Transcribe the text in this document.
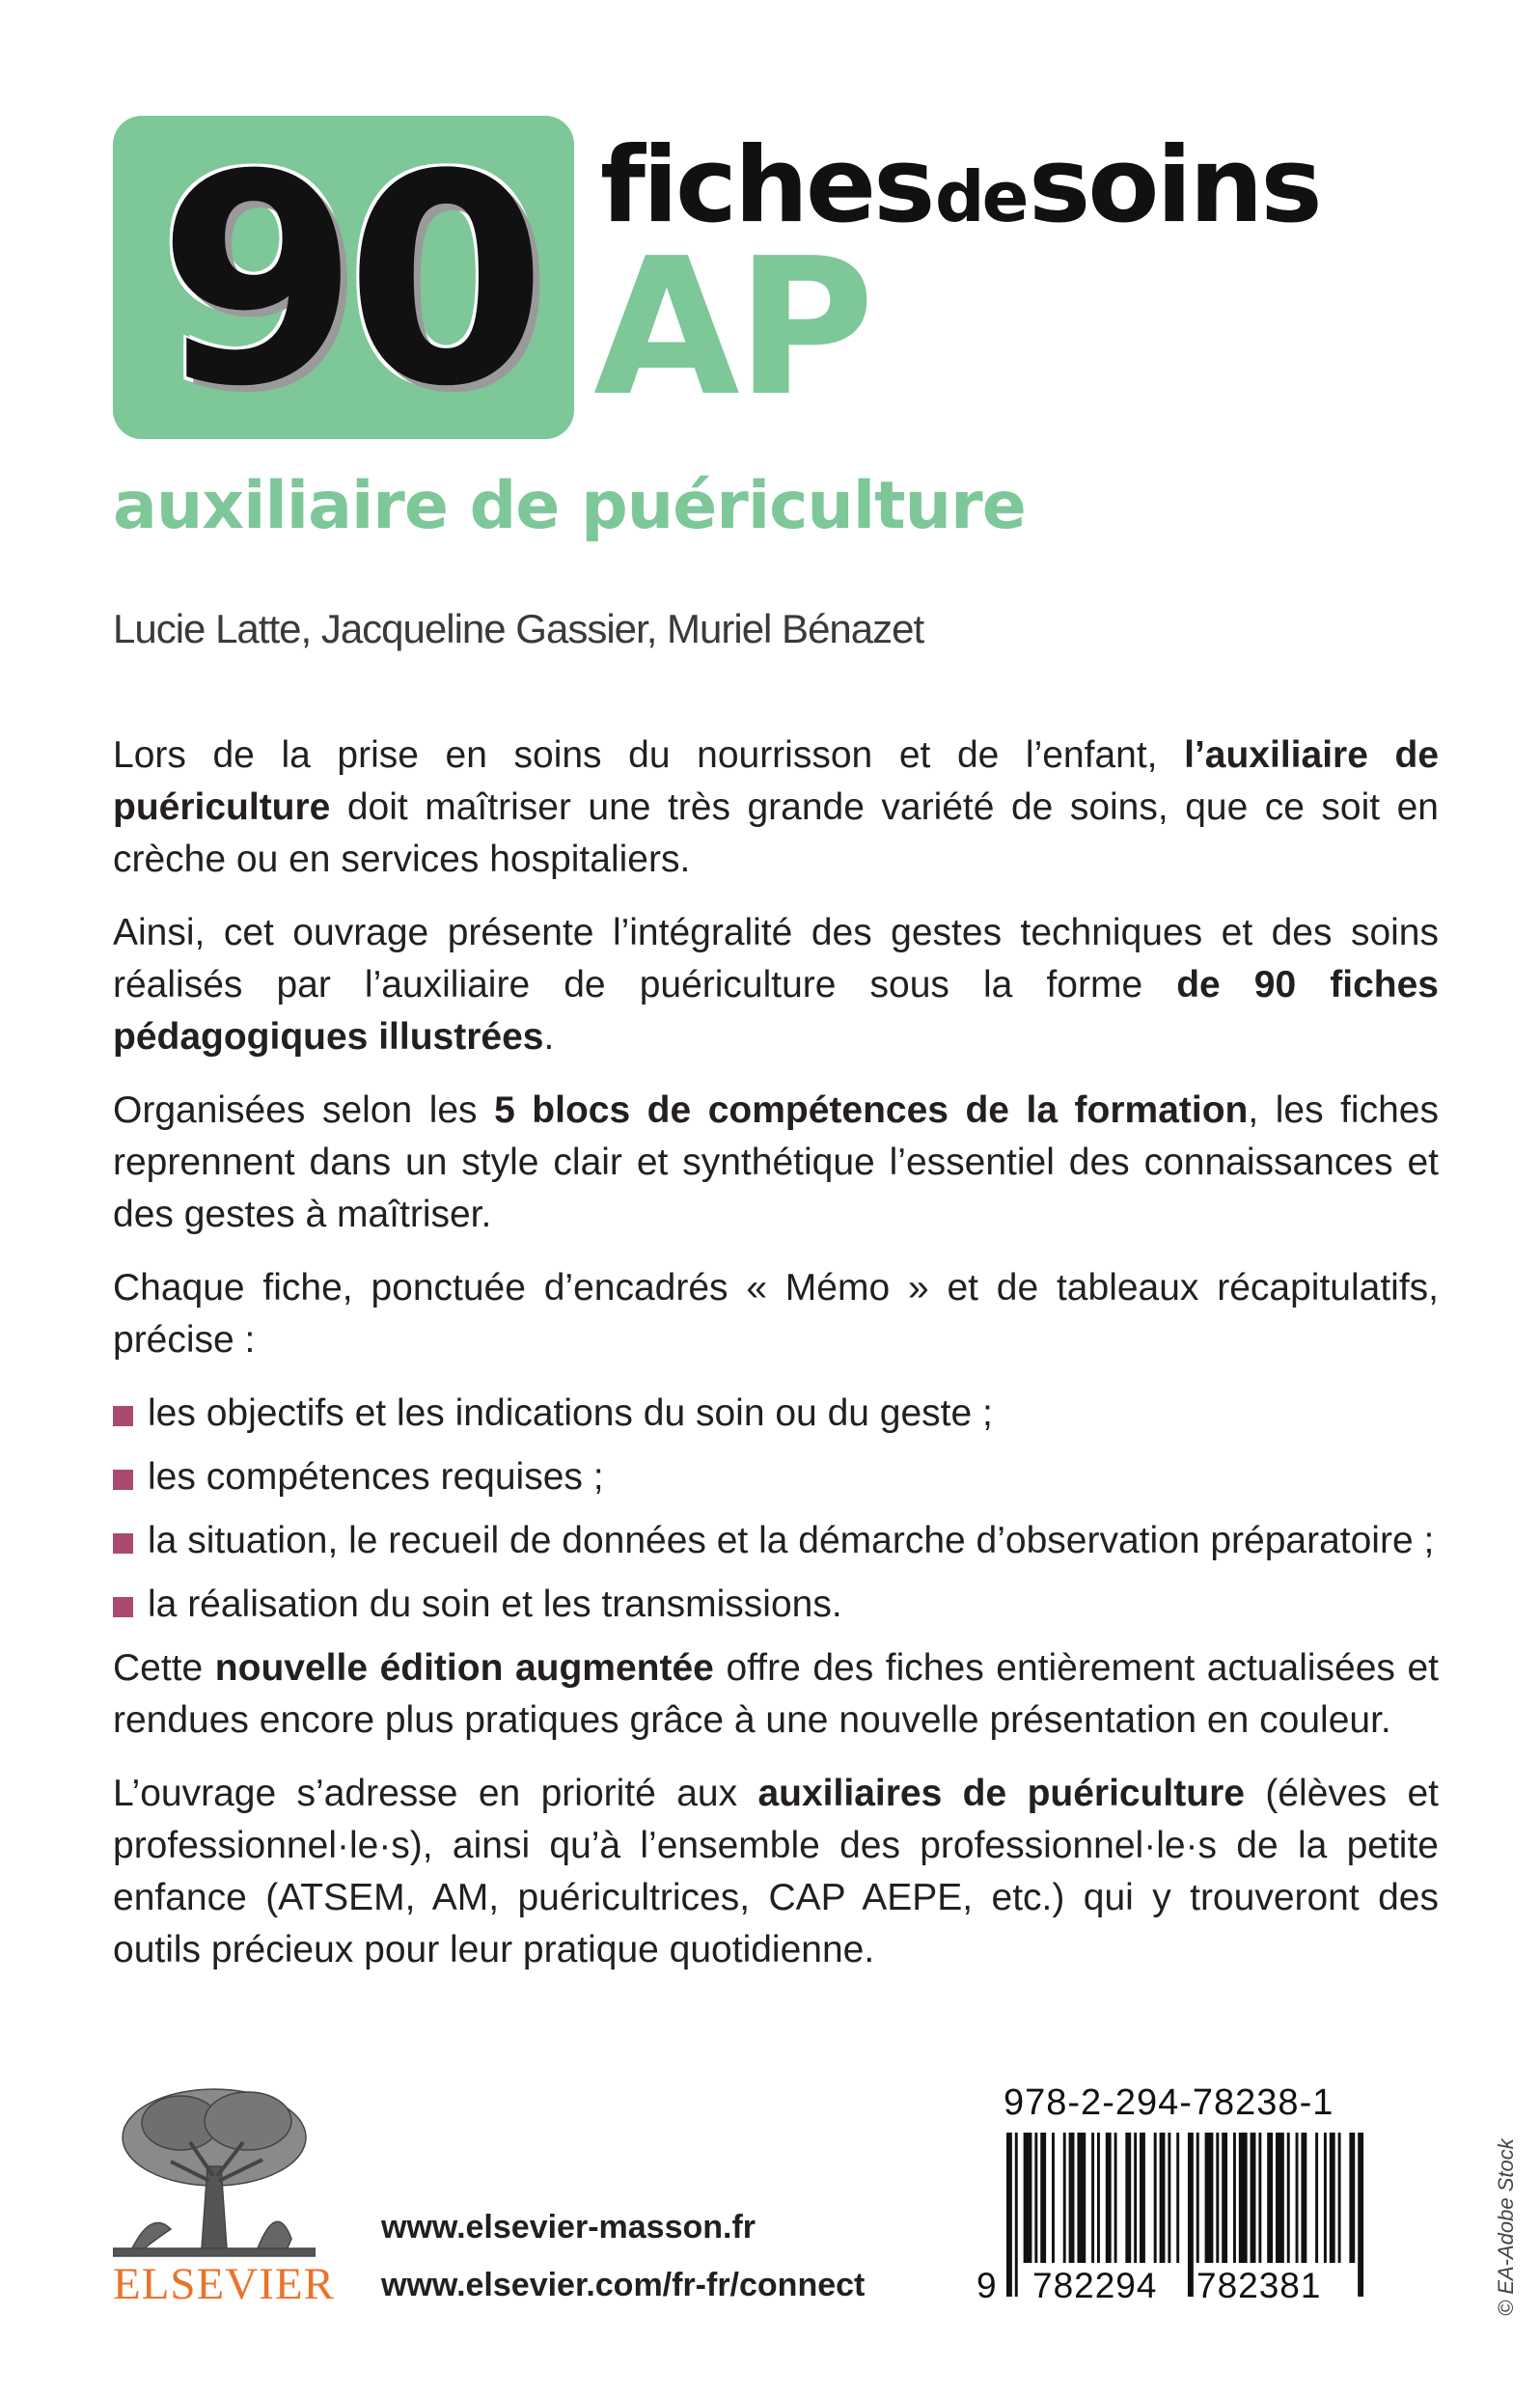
90 fiches de soins
AP
auxiliaire de puériculture
Lucie Latte, Jacqueline Gassier, Muriel Bénazet

Lors de la prise en soins du nourrisson et de l’enfant, l’auxiliaire de puériculture doit maîtriser une très grande variété de soins, que ce soit en crèche ou en services hospitaliers.

Ainsi, cet ouvrage présente l’intégralité des gestes techniques et des soins réalisés par l’auxiliaire de puériculture sous la forme de 90 fiches pédagogiques illustrées.

Organisées selon les 5 blocs de compétences de la formation, les fiches reprennent dans un style clair et synthétique l’essentiel des connaissances et des gestes à maîtriser.

Chaque fiche, ponctuée d’encadrés « Mémo » et de tableaux récapitulatifs, précise :

les objectifs et les indications du soin ou du geste ;
les compétences requises ;
la situation, le recueil de données et la démarche d’observation préparatoire ;
la réalisation du soin et les transmissions.

Cette nouvelle édition augmentée offre des fiches entièrement actualisées et rendues encore plus pratiques grâce à une nouvelle présentation en couleur.

L’ouvrage s’adresse en priorité aux auxiliaires de puériculture (élèves et professionnel·le·s), ainsi qu’à l’ensemble des professionnel·le·s de la petite enfance (ATSEM, AM, puéricultrices, CAP AEPE, etc.) qui y trouveront des outils précieux pour leur pratique quotidienne.

ELSEVIER
www.elsevier-masson.fr
www.elsevier.com/fr-fr/connect
978-2-294-78238-1
9 782294 782381	© EA-Adobe Stock
